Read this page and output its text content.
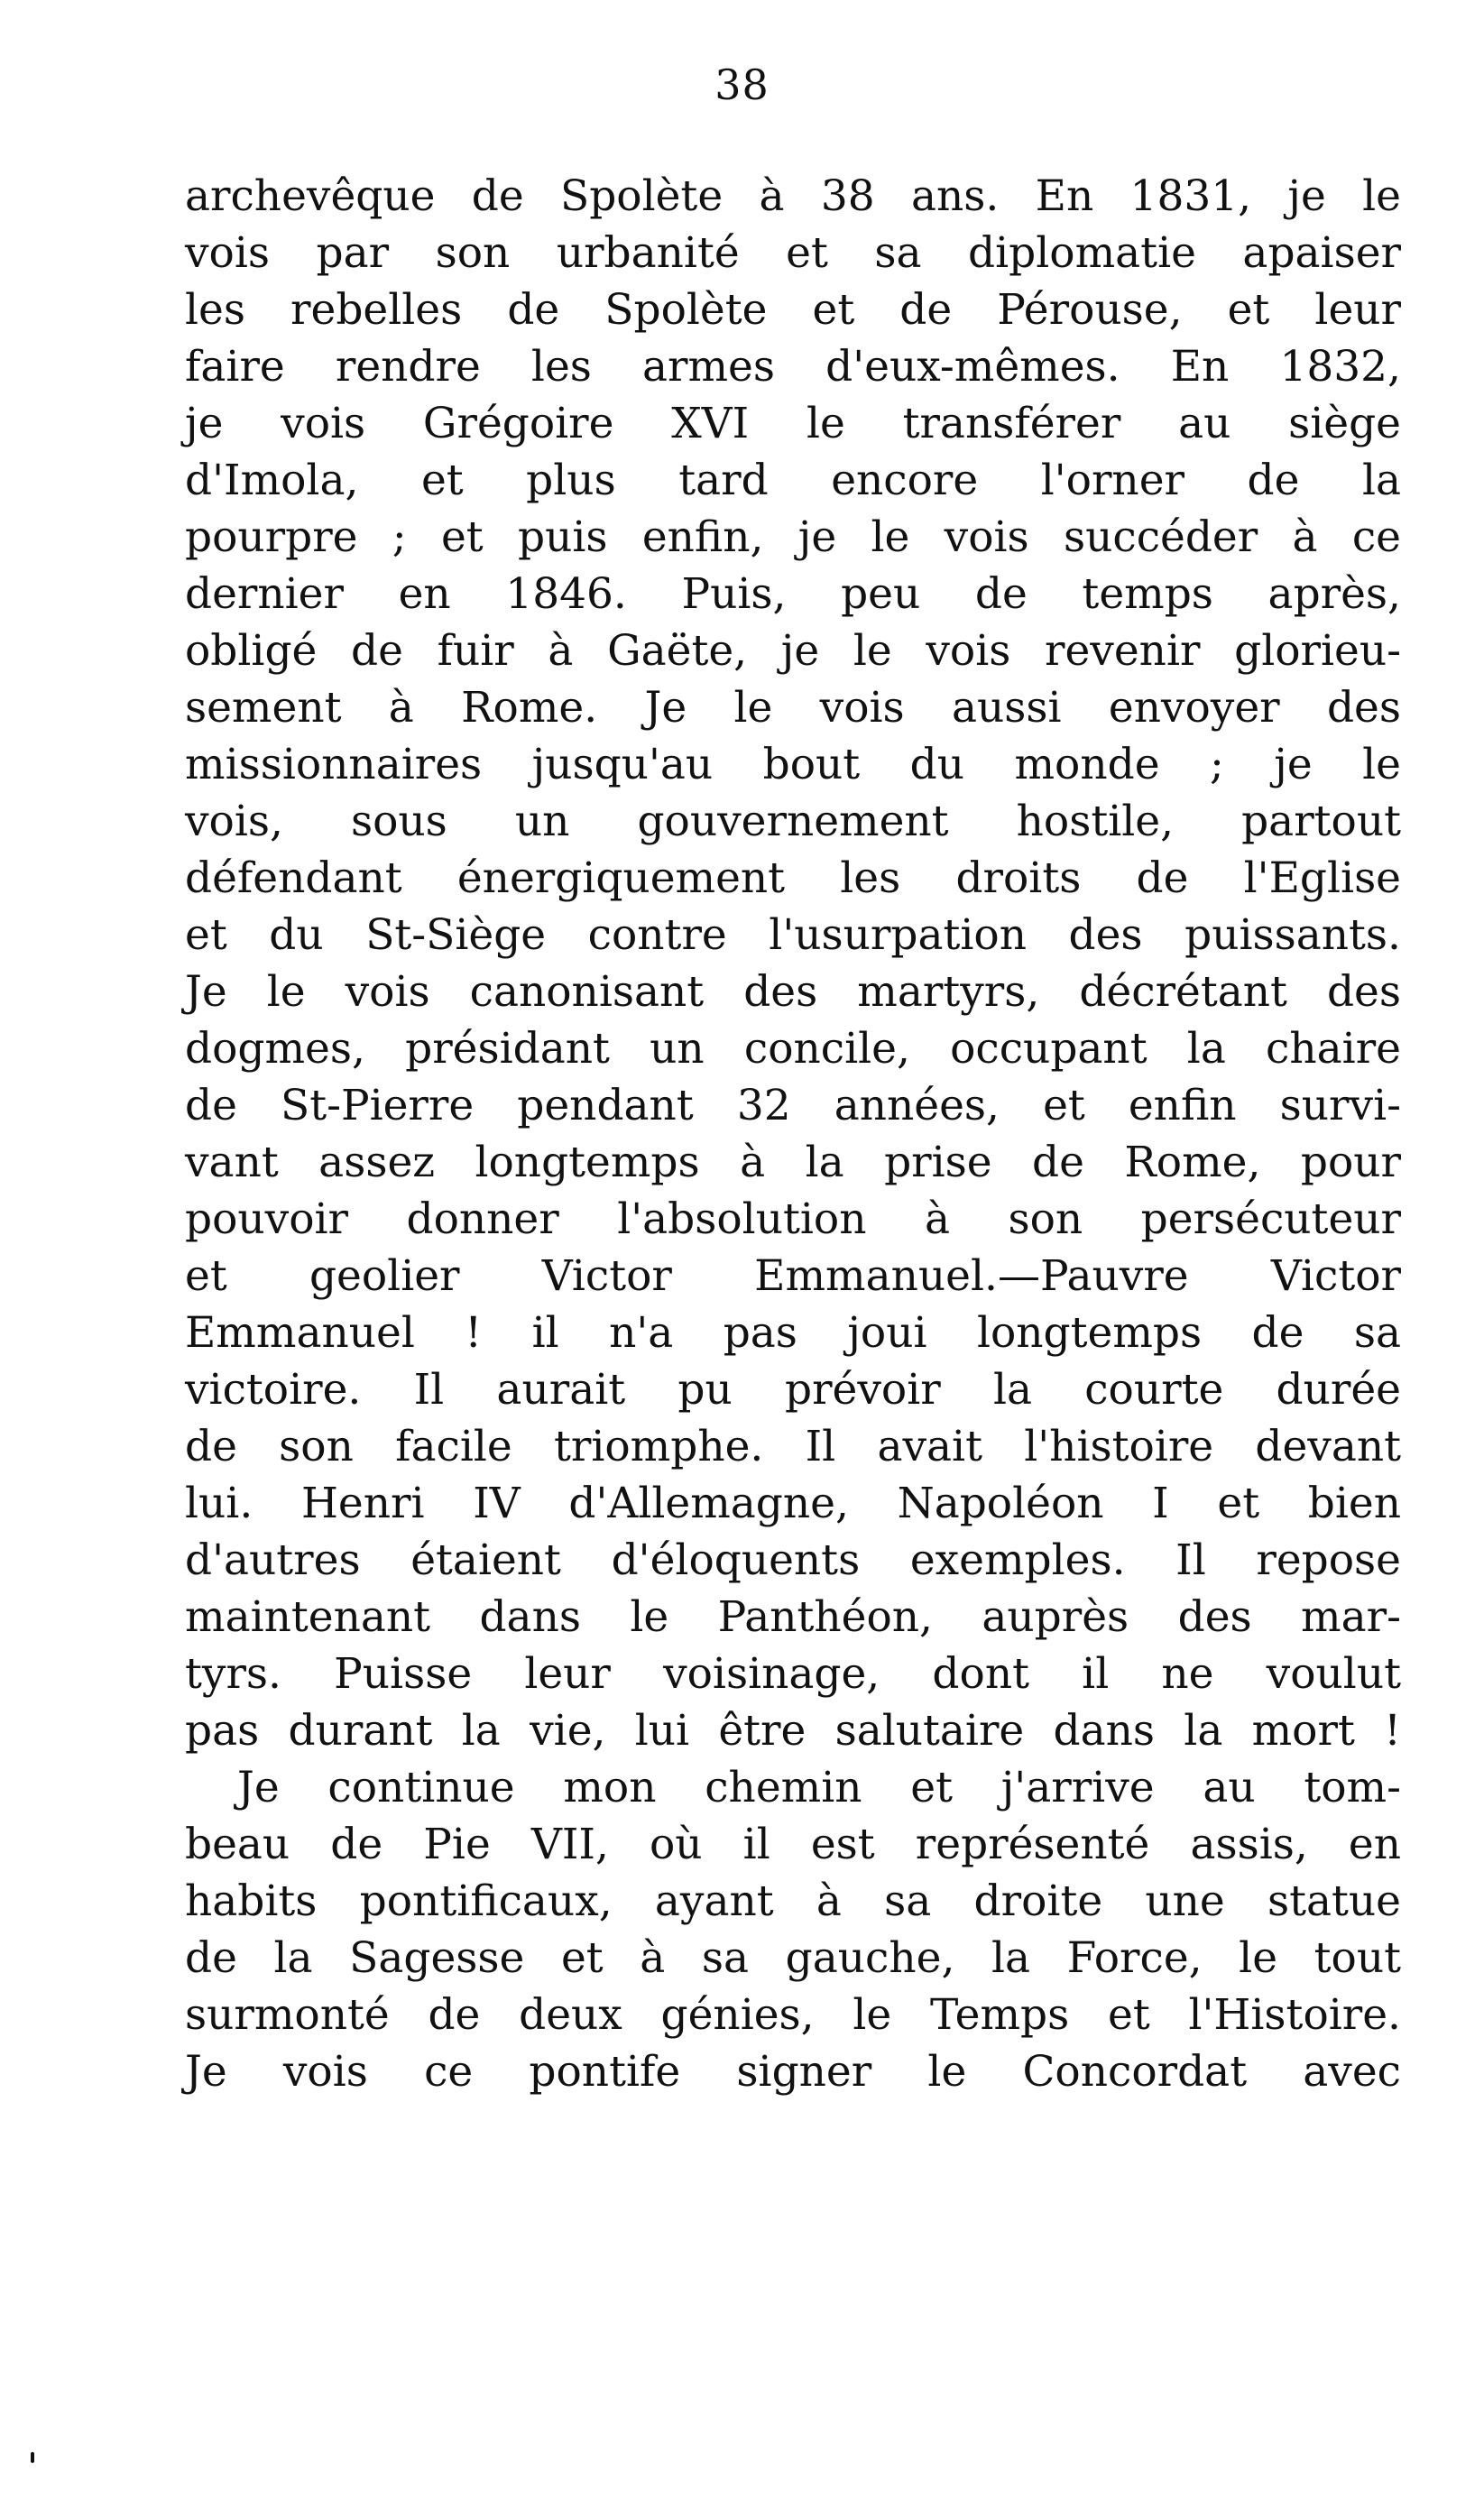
38
archevêque de Spolète à 38 ans. En 1831, je le
vois par son urbanité et sa diplomatie apaiser
les rebelles de Spolète et de Pérouse, et leur
faire rendre les armes d'eux-mêmes. En 1832,
je vois Grégoire XVI le transférer au siège
d'Imola, et plus tard encore l'orner de la
pourpre ; et puis enfin, je le vois succéder à ce
dernier en 1846. Puis, peu de temps après,
obligé de fuir à Gaëte, je le vois revenir glorieu-
sement à Rome. Je le vois aussi envoyer des
missionnaires jusqu'au bout du monde ; je le
vois, sous un gouvernement hostile, partout
défendant énergiquement les droits de l'Eglise
et du St-Siège contre l'usurpation des puissants.
Je le vois canonisant des martyrs, décrétant des
dogmes, présidant un concile, occupant la chaire
de St-Pierre pendant 32 années, et enfin survi-
vant assez longtemps à la prise de Rome, pour
pouvoir donner l'absolution à son persécuteur
et geolier Victor Emmanuel.—Pauvre Victor
Emmanuel ! il n'a pas joui longtemps de sa
victoire. Il aurait pu prévoir la courte durée
de son facile triomphe. Il avait l'histoire devant
lui. Henri IV d'Allemagne, Napoléon I et bien
d'autres étaient d'éloquents exemples. Il repose
maintenant dans le Panthéon, auprès des mar-
tyrs. Puisse leur voisinage, dont il ne voulut
pas durant la vie, lui être salutaire dans la mort !
Je continue mon chemin et j'arrive au tom-
beau de Pie VII, où il est représenté assis, en
habits pontificaux, ayant à sa droite une statue
de la Sagesse et à sa gauche, la Force, le tout
surmonté de deux génies, le Temps et l'Histoire.
Je vois ce pontife signer le Concordat avec
